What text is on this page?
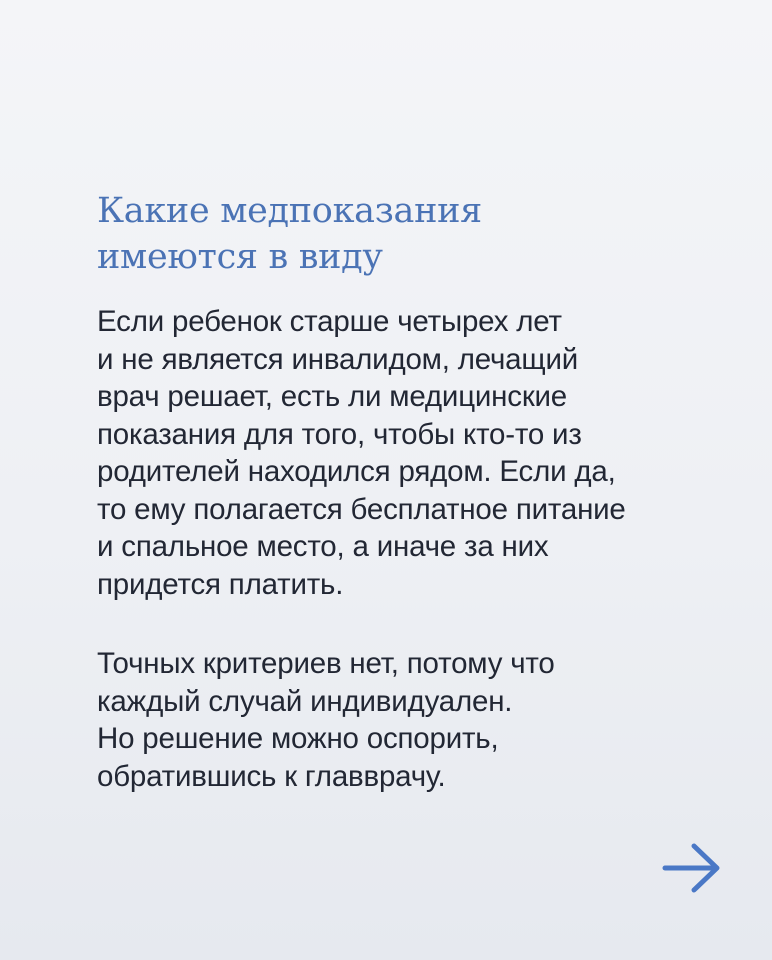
Какие медпоказания
имеются в виду

Если ребенок старше четырех лет
и не является инвалидом, лечащий
врач решает, есть ли медицинские
показания для того, чтобы кто-то из
родителей находился рядом. Если да,
то ему полагается бесплатное питание
и спальное место, а иначе за них
придется платить.

Точных критериев нет, потому что
каждый случай индивидуален.
Но решение можно оспорить,
обратившись к главврачу.
